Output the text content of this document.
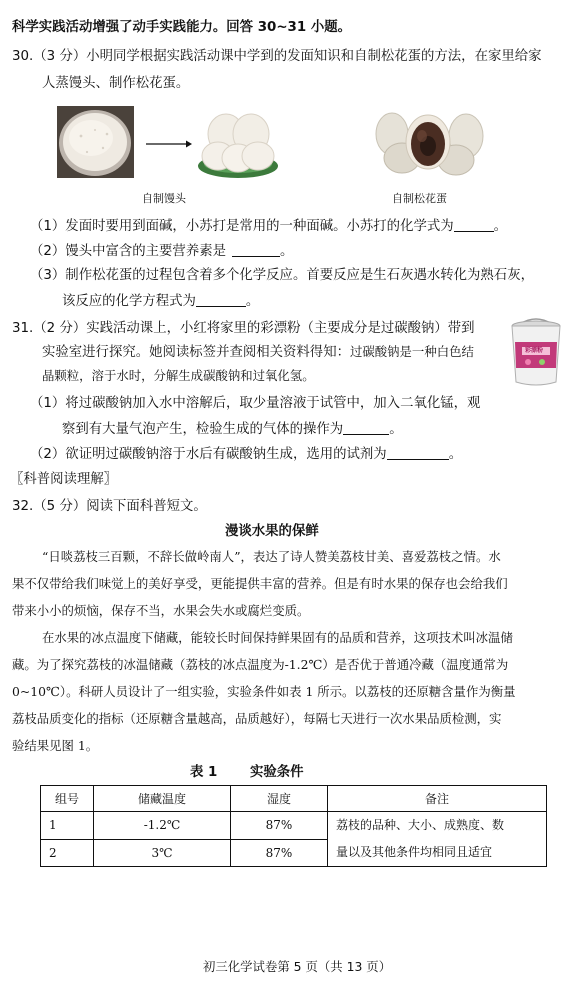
科学实践活动增强了动手实践能力。回答 30~31 小题。
30.（3 分）小明同学根据实践活动课中学到的发面知识和自制松花蛋的方法，在家里给家
人蒸馒头、制作松花蛋。
自制馒头	自制松花蛋
（1）发面时要用到面碱，小苏打是常用的一种面碱。小苏打的化学式为	。
（2）馒头中富含的主要营养素是	。
（3）制作松花蛋的过程包含着多个化学反应。首要反应是生石灰遇水转化为熟石灰，
该反应的化学方程式为	。
31.（2 分）实践活动课上，小红将家里的彩漂粉（主要成分是过碳酸钠）带到
实验室进行探究。她阅读标签并查阅相关资料得知：过碳酸钠是一种白色结
晶颗粒，溶于水时，分解生成碳酸钠和过氧化氢。
彩漂粉
（1）将过碳酸钠加入水中溶解后，取少量溶液于试管中，加入二氧化锰，观
察到有大量气泡产生，检验生成的气体的操作为	。
（2）欲证明过碳酸钠溶于水后有碳酸钠生成，选用的试剂为	。
〖科普阅读理解〗
32.（5 分）阅读下面科普短文。
漫谈水果的保鲜
“日啖荔枝三百颗，不辞长做岭南人”，表达了诗人赞美荔枝甘美、喜爱荔枝之情。水
果不仅带给我们味觉上的美好享受，更能提供丰富的营养。但是有时水果的保存也会给我们
带来小小的烦恼，保存不当，水果会失水或腐烂变质。
在水果的冰点温度下储藏，能较长时间保持鲜果固有的品质和营养，这项技术叫冰温储
藏。为了探究荔枝的冰温储藏（荔枝的冰点温度为-1.2℃）是否优于普通冷藏（温度通常为
0~10℃）。科研人员设计了一组实验，实验条件如表 1 所示。以荔枝的还原糖含量作为衡量
荔枝品质变化的指标（还原糖含量越高，品质越好），每隔七天进行一次水果品质检测，实
验结果见图 1。
表 1 实验条件
组号	储藏温度	湿度	备注
1	-1.2℃	87%	荔枝的品种、大小、成熟度、数
量以及其他条件均相同且适宜

2	3℃	87%	
初三化学试卷第 5 页（共 13 页）
